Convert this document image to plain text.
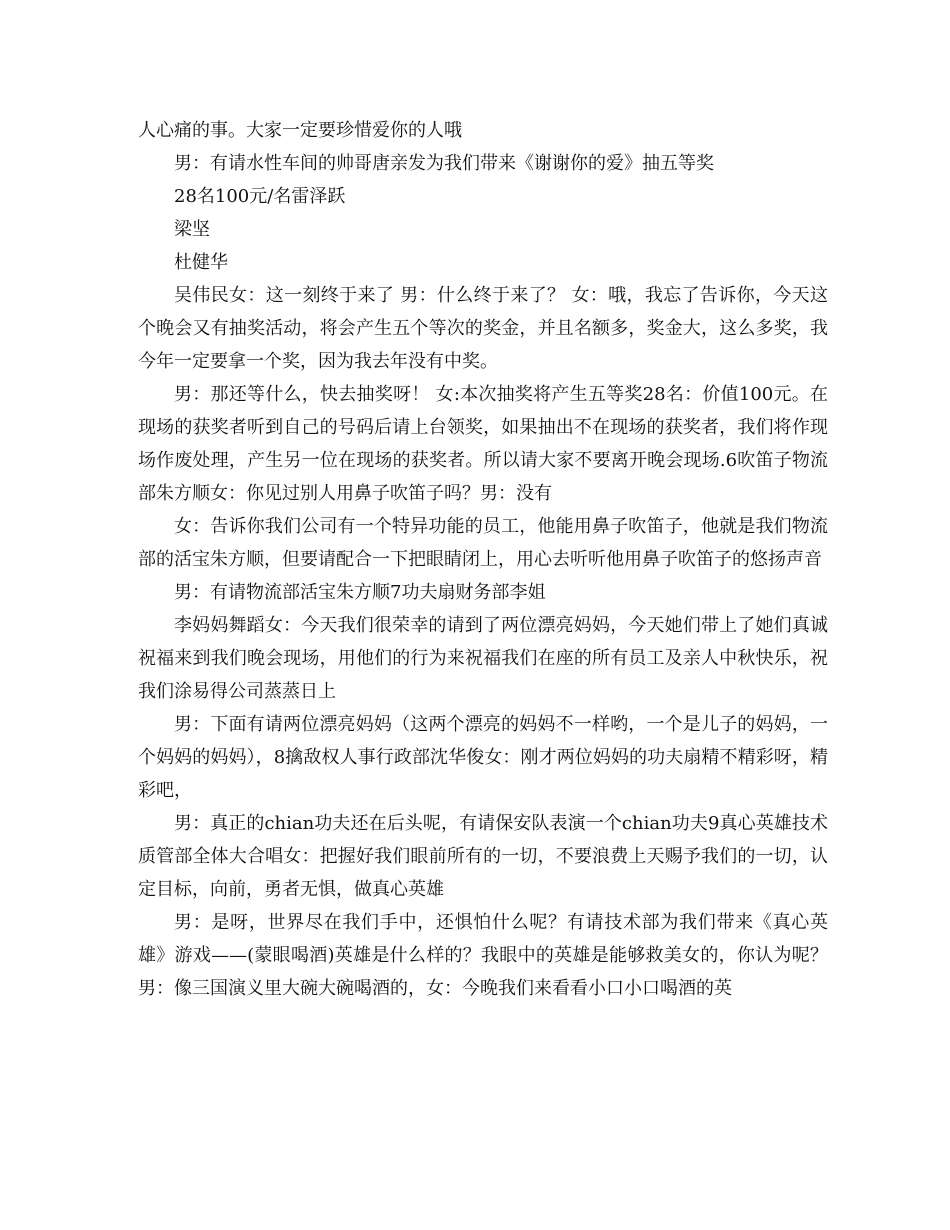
人心痛的事。大家一定要珍惜爱你的人哦

男：有请水性车间的帅哥唐亲发为我们带来《谢谢你的爱》抽五等奖

28名100元/名雷泽跃

梁坚

杜健华

吴伟民女：这一刻终于来了 男：什么终于来了？ 女：哦，我忘了告诉你，今天这个晚会又有抽奖活动，将会产生五个等次的奖金，并且名额多，奖金大，这么多奖，我今年一定要拿一个奖，因为我去年没有中奖。

男：那还等什么，快去抽奖呀！ 女:本次抽奖将产生五等奖28名：价值100元。在现场的获奖者听到自己的号码后请上台领奖，如果抽出不在现场的获奖者，我们将作现场作废处理，产生另一位在现场的获奖者。所以请大家不要离开晚会现场.6吹笛子物流部朱方顺女：你见过别人用鼻子吹笛子吗？男：没有

女：告诉你我们公司有一个特异功能的员工，他能用鼻子吹笛子，他就是我们物流部的活宝朱方顺，但要请配合一下把眼睛闭上，用心去听听他用鼻子吹笛子的悠扬声音

男：有请物流部活宝朱方顺7功夫扇财务部李姐

李妈妈舞蹈女：今天我们很荣幸的请到了两位漂亮妈妈，今天她们带上了她们真诚祝福来到我们晚会现场，用他们的行为来祝福我们在座的所有员工及亲人中秋快乐，祝我们涂易得公司蒸蒸日上

男：下面有请两位漂亮妈妈（这两个漂亮的妈妈不一样哟，一个是儿子的妈妈，一个妈妈的妈妈），8擒敌权人事行政部沈华俊女：刚才两位妈妈的功夫扇精不精彩呀，精彩吧，

男：真正的chian功夫还在后头呢，有请保安队表演一个chian功夫9真心英雄技术质管部全体大合唱女：把握好我们眼前所有的一切，不要浪费上天赐予我们的一切，认定目标，向前，勇者无惧，做真心英雄

男：是呀，世界尽在我们手中，还惧怕什么呢？有请技术部为我们带来《真心英雄》游戏——(蒙眼喝酒)英雄是什么样的？我眼中的英雄是能够救美女的，你认为呢？男：像三国演义里大碗大碗喝酒的，女：今晚我们来看看小口小口喝酒的英
